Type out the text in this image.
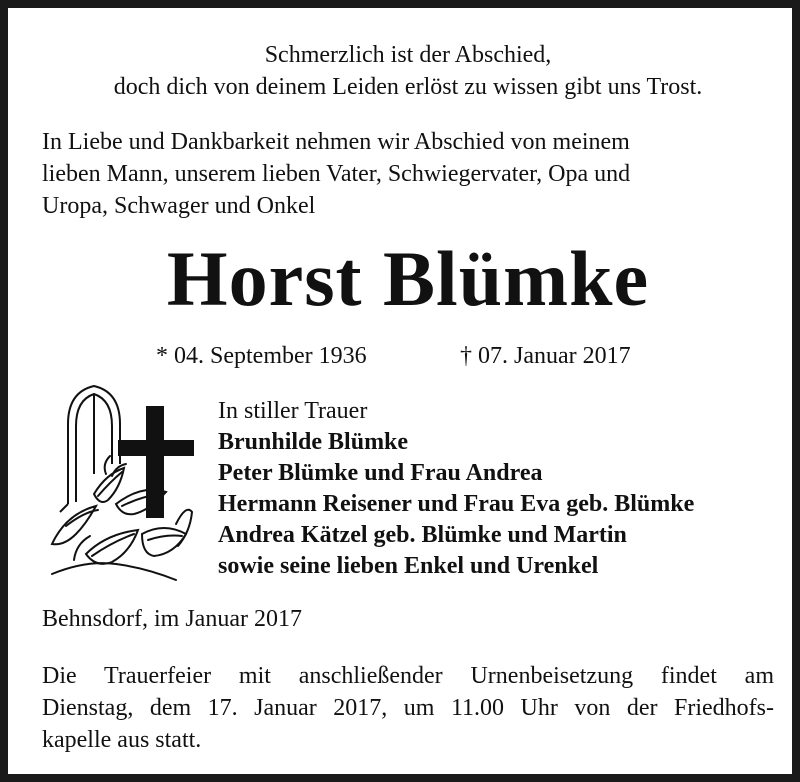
Schmerzlich ist der Abschied,

doch dich von deinem Leiden erlöst zu wissen gibt uns Trost.

In Liebe und Dankbarkeit nehmen wir Abschied von meinem
lieben Mann, unserem lieben Vater, Schwiegervater, Opa und
Uropa, Schwager und Onkel

Horst Blümke

* 04. September 1936	† 07. Januar 2017

In stiller Trauer
Brunhilde Blümke
Peter Blümke und Frau Andrea
Hermann Reisener und Frau Eva geb. Blümke
Andrea Kätzel geb. Blümke und Martin
sowie seine lieben Enkel und Urenkel

Behnsdorf, im Januar 2017

Die Trauerfeier mit anschließender Urnenbeisetzung findet am
Dienstag, dem 17. Januar 2017, um 11.00 Uhr von der Friedhofs-
kapelle aus statt.
